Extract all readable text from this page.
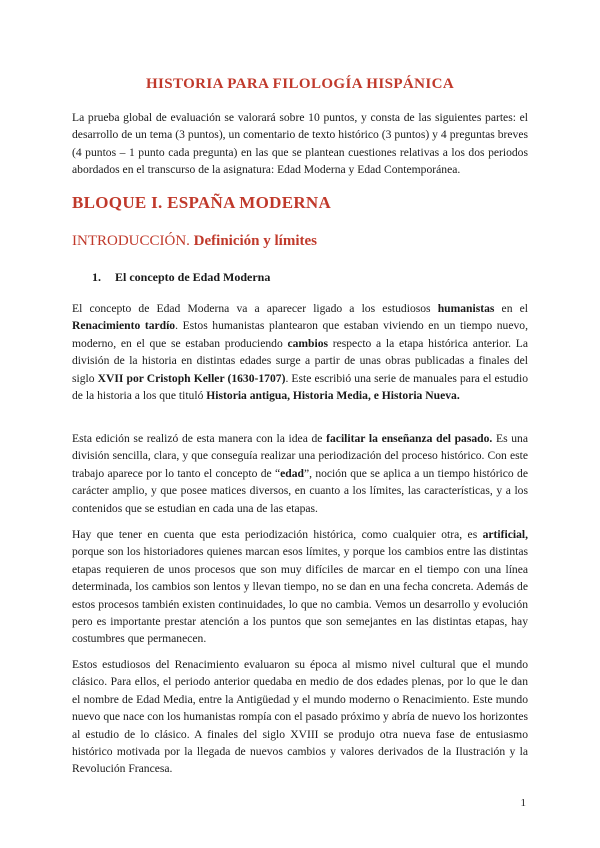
HISTORIA PARA FILOLOGÍA HISPÁNICA

La prueba global de evaluación se valorará sobre 10 puntos, y consta de las siguientes partes: el desarrollo de un tema (3 puntos), un comentario de texto histórico (3 puntos) y 4 preguntas breves (4 puntos – 1 punto cada pregunta) en las que se plantean cuestiones relativas a los dos periodos abordados en el transcurso de la asignatura: Edad Moderna y Edad Contemporánea.

BLOQUE I. ESPAÑA MODERNA
INTRODUCCIÓN. Definición y límites
1. El concepto de Edad Moderna

El concepto de Edad Moderna va a aparecer ligado a los estudiosos humanistas en el Renacimiento tardío. Estos humanistas plantearon que estaban viviendo en un tiempo nuevo, moderno, en el que se estaban produciendo cambios respecto a la etapa histórica anterior. La división de la historia en distintas edades surge a partir de unas obras publicadas a finales del siglo XVII por Cristoph Keller (1630-1707). Este escribió una serie de manuales para el estudio de la historia a los que tituló Historia antigua, Historia Media, e Historia Nueva.

Esta edición se realizó de esta manera con la idea de facilitar la enseñanza del pasado. Es una división sencilla, clara, y que conseguía realizar una periodización del proceso histórico. Con este trabajo aparece por lo tanto el concepto de “edad”, noción que se aplica a un tiempo histórico de carácter amplio, y que posee matices diversos, en cuanto a los límites, las características, y a los contenidos que se estudian en cada una de las etapas.

Hay que tener en cuenta que esta periodización histórica, como cualquier otra, es artificial, porque son los historiadores quienes marcan esos límites, y porque los cambios entre las distintas etapas requieren de unos procesos que son muy difíciles de marcar en el tiempo con una línea determinada, los cambios son lentos y llevan tiempo, no se dan en una fecha concreta. Además de estos procesos también existen continuidades, lo que no cambia. Vemos un desarrollo y evolución pero es importante prestar atención a los puntos que son semejantes en las distintas etapas, hay costumbres que permanecen.

Estos estudiosos del Renacimiento evaluaron su época al mismo nivel cultural que el mundo clásico. Para ellos, el periodo anterior quedaba en medio de dos edades plenas, por lo que le dan el nombre de Edad Media, entre la Antigüedad y el mundo moderno o Renacimiento. Este mundo nuevo que nace con los humanistas rompía con el pasado próximo y abría de nuevo los horizontes al estudio de lo clásico. A finales del siglo XVIII se produjo otra nueva fase de entusiasmo histórico motivada por la llegada de nuevos cambios y valores derivados de la Ilustración y la Revolución Francesa.

1
